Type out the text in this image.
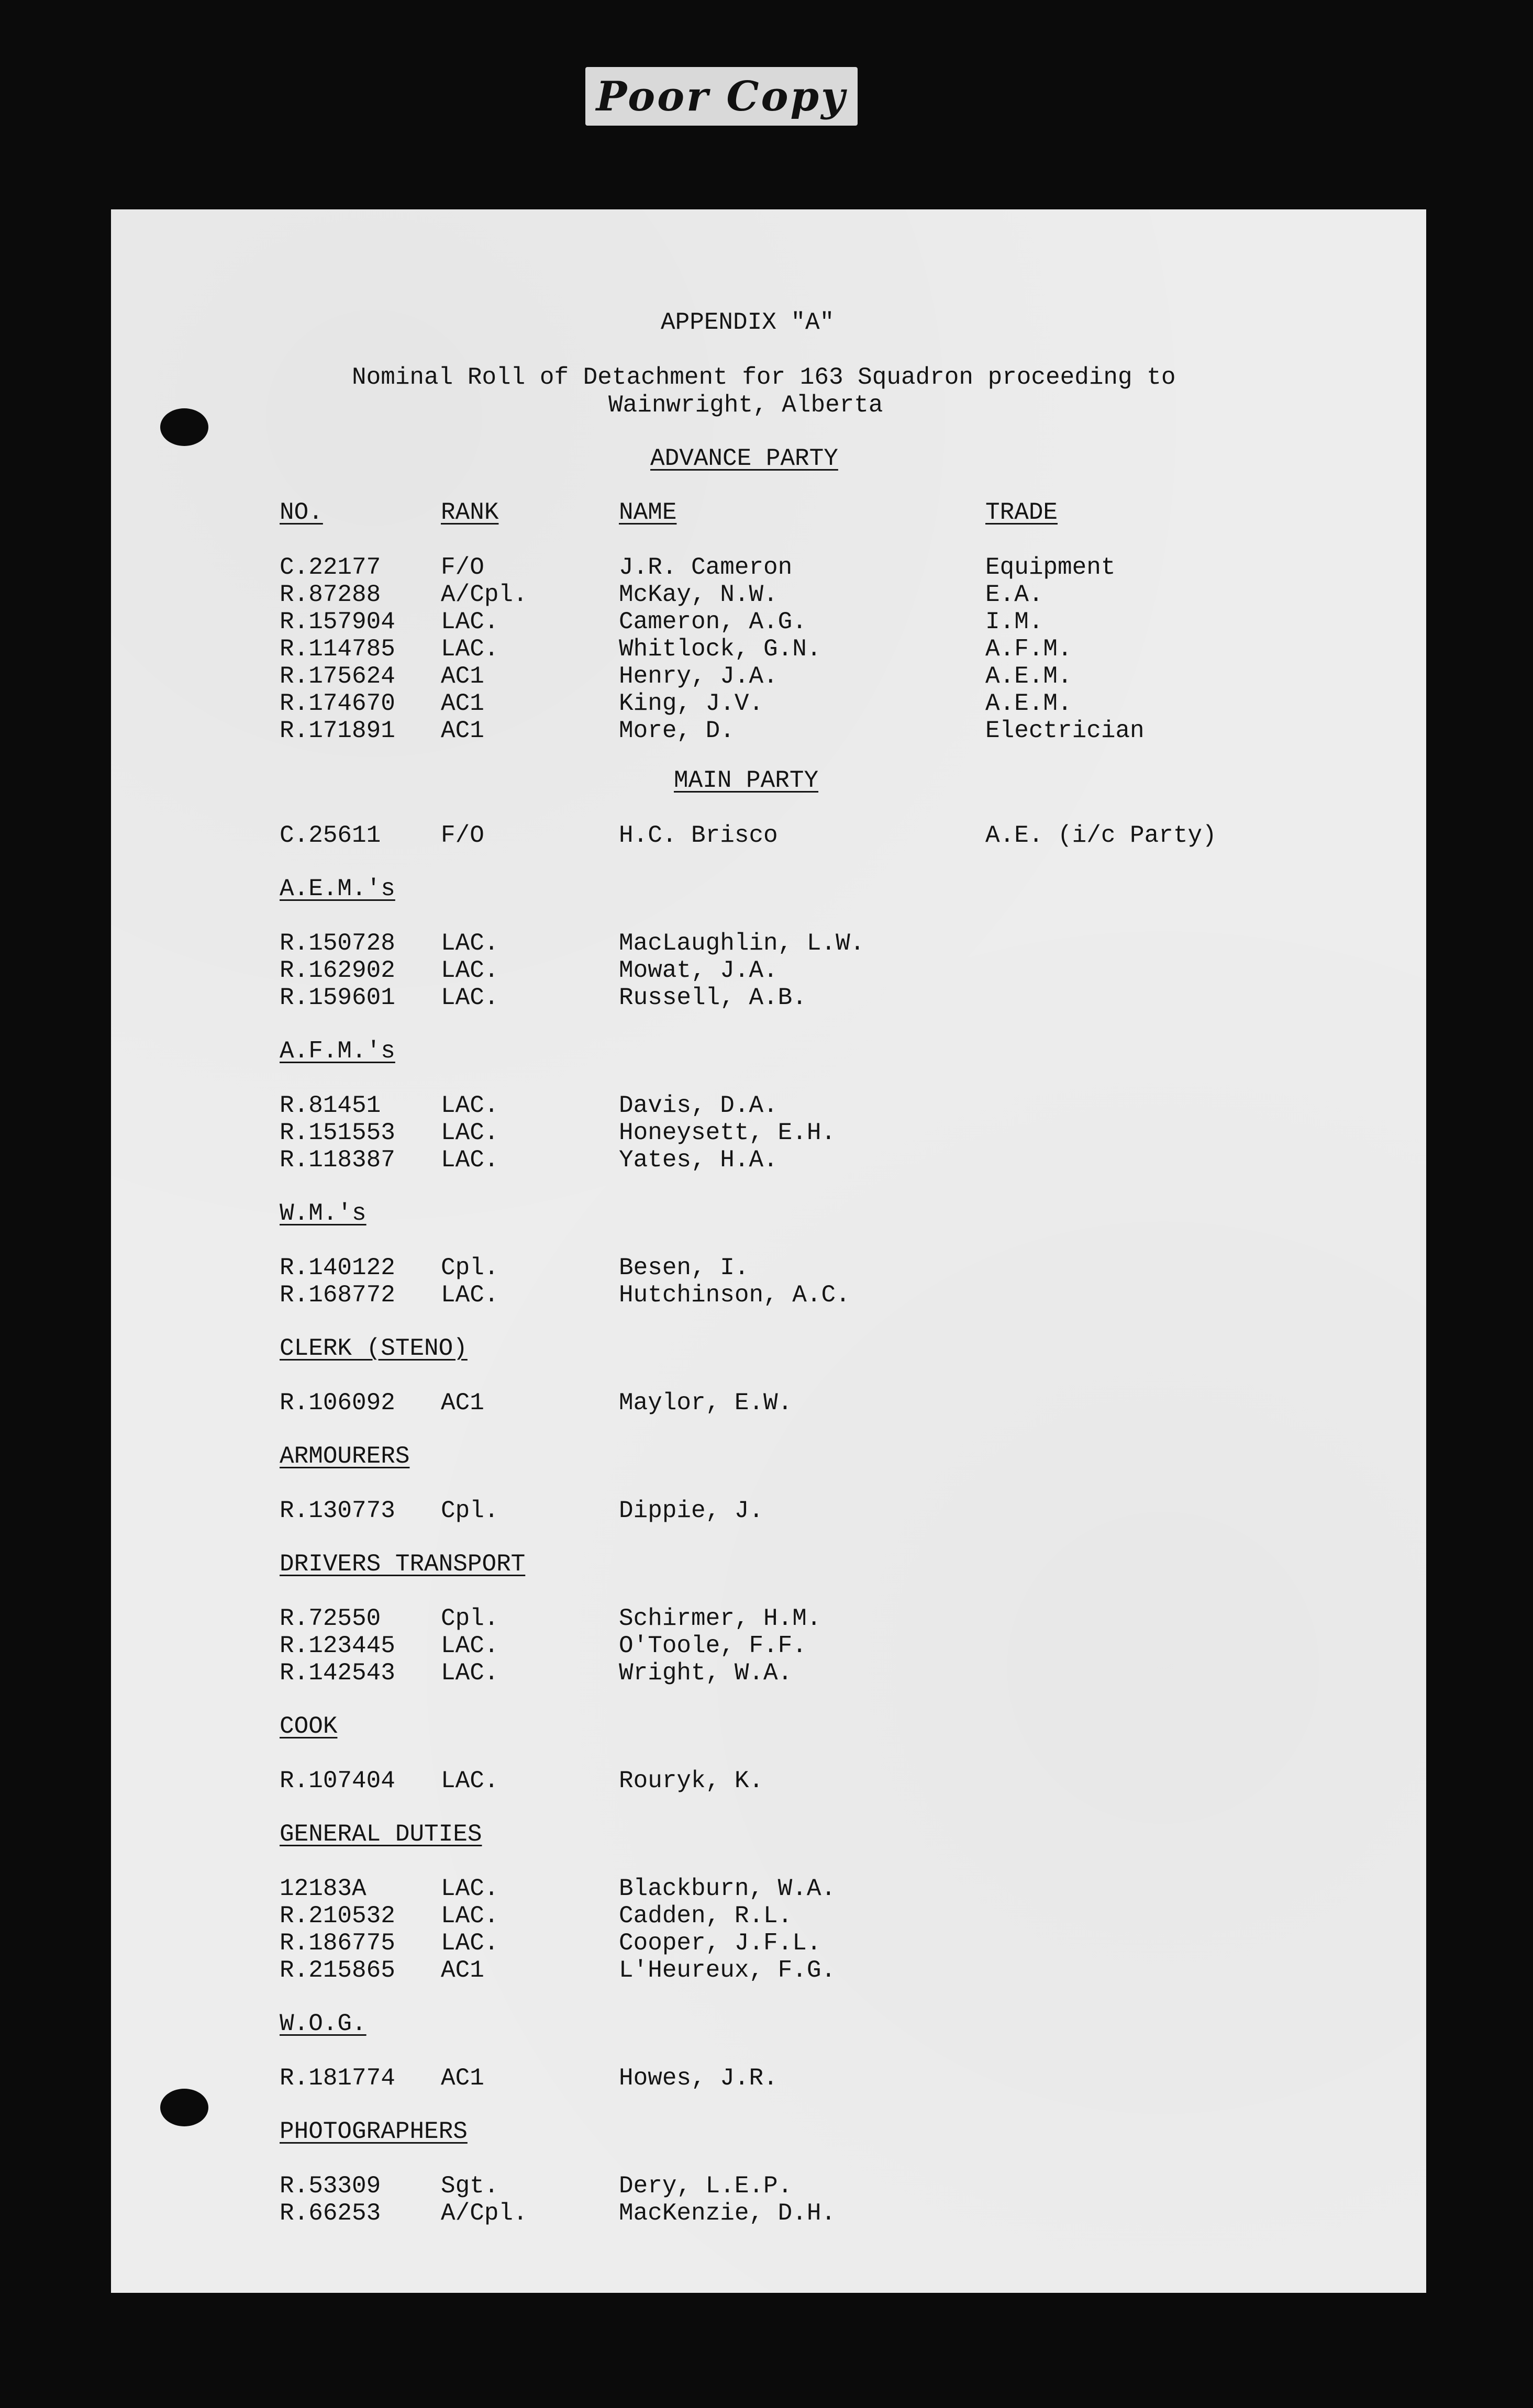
Poor Copy
APPENDIX "A"
Nominal Roll of Detachment for 163 Squadron proceeding to
Wainwright, Alberta
ADVANCE PARTY
NO.	RANK	NAME	TRADE
C.22177 F/O	J.R. Cameron	Equipment
R.87288 A/Cpl.	McKay, N.W.	E.A.
R.157904 LAC.	Cameron, A.G.	I.M.
R.114785 LAC.	Whitlock, G.N.	A.F.M.
R.175624 AC1	Henry, J.A.	A.E.M.
R.174670 AC1	King, J.V.	A.E.M.
R.171891 AC1	More, D.	Electrician
MAIN PARTY
C.25611 F/O	H.C. Brisco	A.E. (i/c Party)
A.E.M.'s
R.150728 LAC.	MacLaughlin, L.W.
R.162902 LAC.	Mowat, J.A.
R.159601 LAC.	Russell, A.B.
A.F.M.'s
R.81451 LAC.	Davis, D.A.
R.151553 LAC.	Honeysett, E.H.
R.118387 LAC.	Yates, H.A.
W.M.'s
R.140122 Cpl.	Besen, I.
R.168772 LAC.	Hutchinson, A.C.
CLERK (STENO)
R.106092 AC1	Maylor, E.W.
ARMOURERS
R.130773 Cpl.	Dippie, J.
DRIVERS TRANSPORT
R.72550 Cpl.	Schirmer, H.M.
R.123445 LAC.	O'Toole, F.F.
R.142543 LAC.	Wright, W.A.
COOK
R.107404 LAC.	Rouryk, K.
GENERAL DUTIES
12183A	LAC.	Blackburn, W.A.
R.210532 LAC.	Cadden, R.L.
R.186775 LAC.	Cooper, J.F.L.
R.215865 AC1	L'Heureux, F.G.
W.O.G.
R.181774 AC1	Howes, J.R.
PHOTOGRAPHERS
R.53309 Sgt.	Dery, L.E.P.
R.66253 A/Cpl.	MacKenzie, D.H.
